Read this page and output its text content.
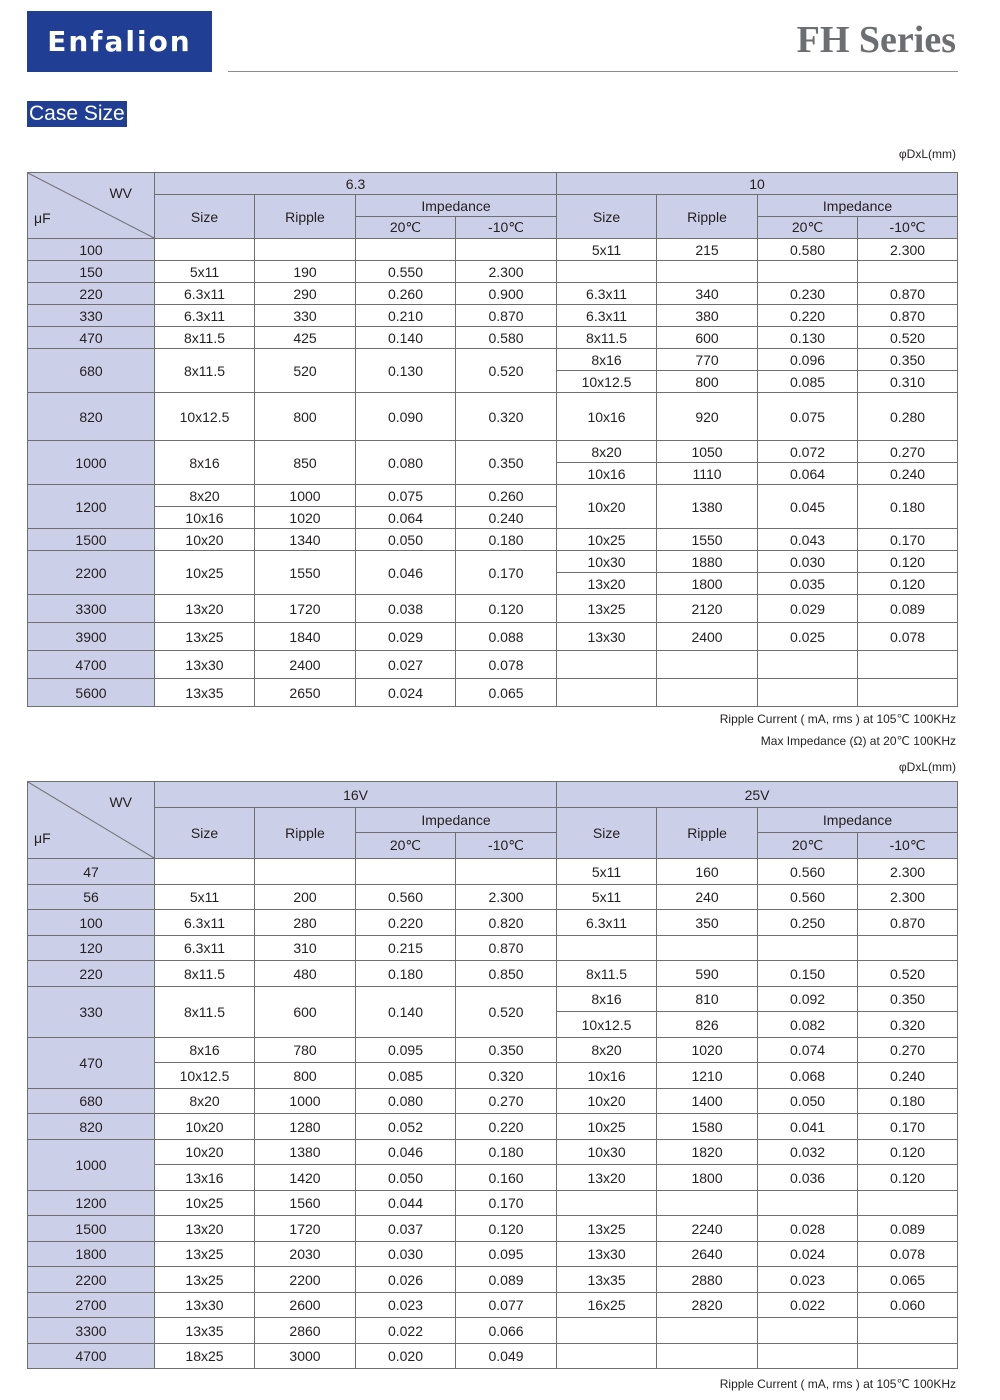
Enfalion	FH Series
Case Size
φDxL(mm)
WV
μF	6.3				10			
	Size	Ripple	Impedance		Size	Ripple	Impedance	
			20℃	-10℃			20℃	-10℃
100					5x11	215	0.580	2.300
150	5x11	190	0.550	2.300				
220	6.3x11	290	0.260	0.900	6.3x11	340	0.230	0.870
330	6.3x11	330	0.210	0.870	6.3x11	380	0.220	0.870
470	8x11.5	425	0.140	0.580	8x11.5	600	0.130	0.520
680	8x11.5	520	0.130	0.520	8x16	770	0.096	0.350
					10x12.5	800	0.085	0.310
820	10x12.5	800	0.090	0.320	10x16	920	0.075	0.280
1000	8x16	850	0.080	0.350	8x20	1050	0.072	0.270
					10x16	1110	0.064	0.240
1200	8x20	1000	0.075	0.260	10x20	1380	0.045	0.180
	10x16	1020	0.064	0.240				
1500	10x20	1340	0.050	0.180	10x25	1550	0.043	0.170
2200	10x25	1550	0.046	0.170	10x30	1880	0.030	0.120
					13x20	1800	0.035	0.120
3300	13x20	1720	0.038	0.120	13x25	2120	0.029	0.089
3900	13x25	1840	0.029	0.088	13x30	2400	0.025	0.078
4700	13x30	2400	0.027	0.078				
5600	13x35	2650	0.024	0.065				
Ripple Current ( mA, rms ) at 105℃ 100KHz
Max Impedance (Ω) at 20℃ 100KHz
φDxL(mm)
WV
μF	16V				25V			
	Size	Ripple	Impedance		Size	Ripple	Impedance	
			20℃	-10℃			20℃	-10℃
47					5x11	160	0.560	2.300
56	5x11	200	0.560	2.300	5x11	240	0.560	2.300
100	6.3x11	280	0.220	0.820	6.3x11	350	0.250	0.870
120	6.3x11	310	0.215	0.870				
220	8x11.5	480	0.180	0.850	8x11.5	590	0.150	0.520
330	8x11.5	600	0.140	0.520	8x16	810	0.092	0.350
					10x12.5	826	0.082	0.320
470	8x16	780	0.095	0.350	8x20	1020	0.074	0.270
	10x12.5	800	0.085	0.320	10x16	1210	0.068	0.240
680	8x20	1000	0.080	0.270	10x20	1400	0.050	0.180
820	10x20	1280	0.052	0.220	10x25	1580	0.041	0.170
1000	10x20	1380	0.046	0.180	10x30	1820	0.032	0.120
	13x16	1420	0.050	0.160	13x20	1800	0.036	0.120
1200	10x25	1560	0.044	0.170				
1500	13x20	1720	0.037	0.120	13x25	2240	0.028	0.089
1800	13x25	2030	0.030	0.095	13x30	2640	0.024	0.078
2200	13x25	2200	0.026	0.089	13x35	2880	0.023	0.065
2700	13x30	2600	0.023	0.077	16x25	2820	0.022	0.060
3300	13x35	2860	0.022	0.066				
4700	18x25	3000	0.020	0.049				
Ripple Current ( mA, rms ) at 105℃ 100KHz
